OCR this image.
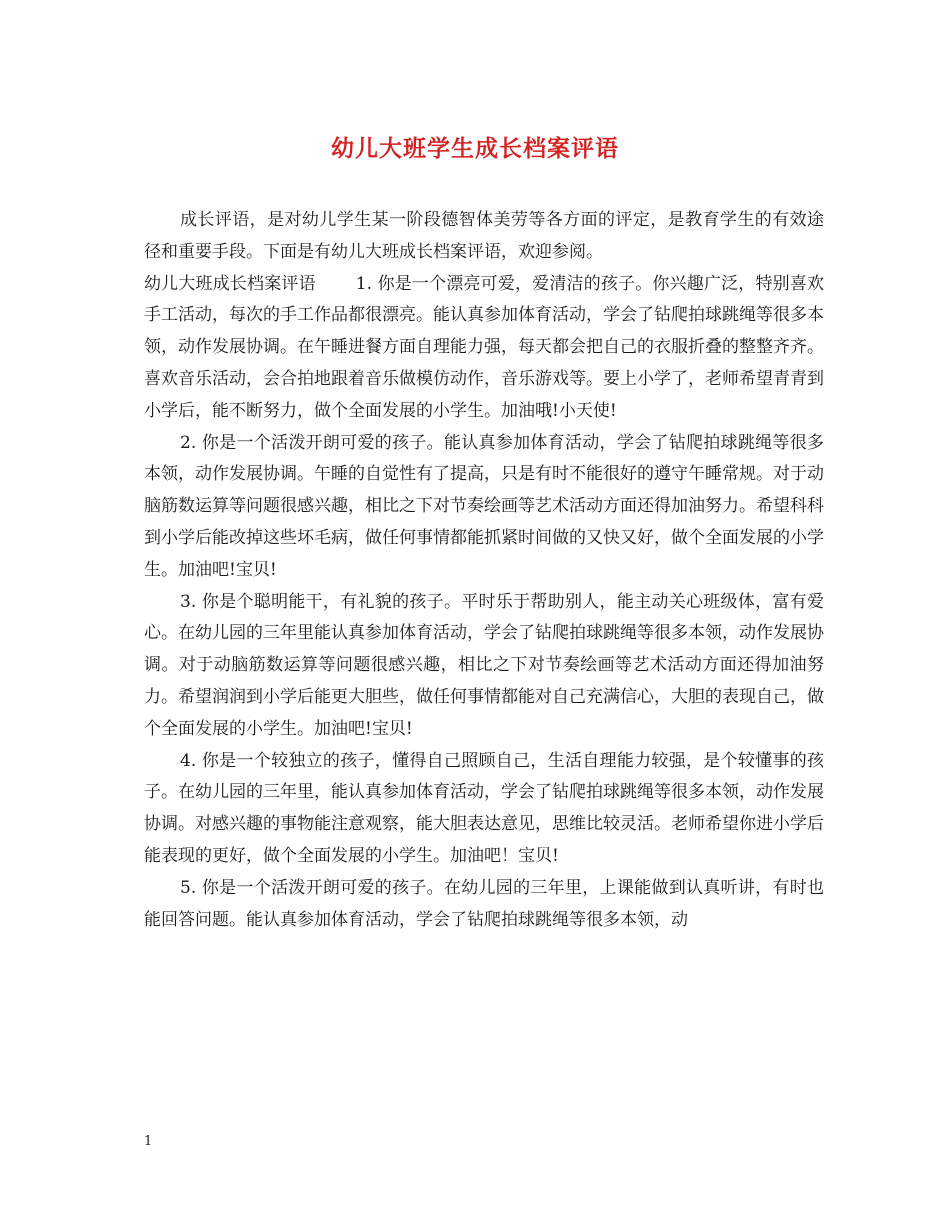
幼儿大班学生成长档案评语

成长评语，是对幼儿学生某一阶段德智体美劳等各方面的评定，是教育学生的有效途径和重要手段。下面是有幼儿大班成长档案评语，欢迎参阅。

幼儿大班成长档案评语 1. 你是一个漂亮可爱，爱清洁的孩子。你兴趣广泛，特别喜欢手工活动，每次的手工作品都很漂亮。能认真参加体育活动，学会了钻爬拍球跳绳等很多本领，动作发展协调。在午睡进餐方面自理能力强，每天都会把自己的衣服折叠的整整齐齐。喜欢音乐活动，会合拍地跟着音乐做模仿动作，音乐游戏等。要上小学了，老师希望青青到小学后，能不断努力，做个全面发展的小学生。加油哦!小天使!

2. 你是一个活泼开朗可爱的孩子。能认真参加体育活动，学会了钻爬拍球跳绳等很多本领，动作发展协调。午睡的自觉性有了提高，只是有时不能很好的遵守午睡常规。对于动脑筋数运算等问题很感兴趣，相比之下对节奏绘画等艺术活动方面还得加油努力。希望科科到小学后能改掉这些坏毛病，做任何事情都能抓紧时间做的又快又好，做个全面发展的小学生。加油吧!宝贝!

3. 你是个聪明能干，有礼貌的孩子。平时乐于帮助别人，能主动关心班级体，富有爱心。在幼儿园的三年里能认真参加体育活动，学会了钻爬拍球跳绳等很多本领，动作发展协调。对于动脑筋数运算等问题很感兴趣，相比之下对节奏绘画等艺术活动方面还得加油努力。希望润润到小学后能更大胆些，做任何事情都能对自己充满信心，大胆的表现自己，做个全面发展的小学生。加油吧!宝贝!

4. 你是一个较独立的孩子，懂得自己照顾自己，生活自理能力较强，是个较懂事的孩子。在幼儿园的三年里，能认真参加体育活动，学会了钻爬拍球跳绳等很多本领，动作发展协调。对感兴趣的事物能注意观察，能大胆表达意见，思维比较灵活。老师希望你进小学后能表现的更好，做个全面发展的小学生。加油吧！宝贝!

5. 你是一个活泼开朗可爱的孩子。在幼儿园的三年里，上课能做到认真听讲，有时也能回答问题。能认真参加体育活动，学会了钻爬拍球跳绳等很多本领，动

1
